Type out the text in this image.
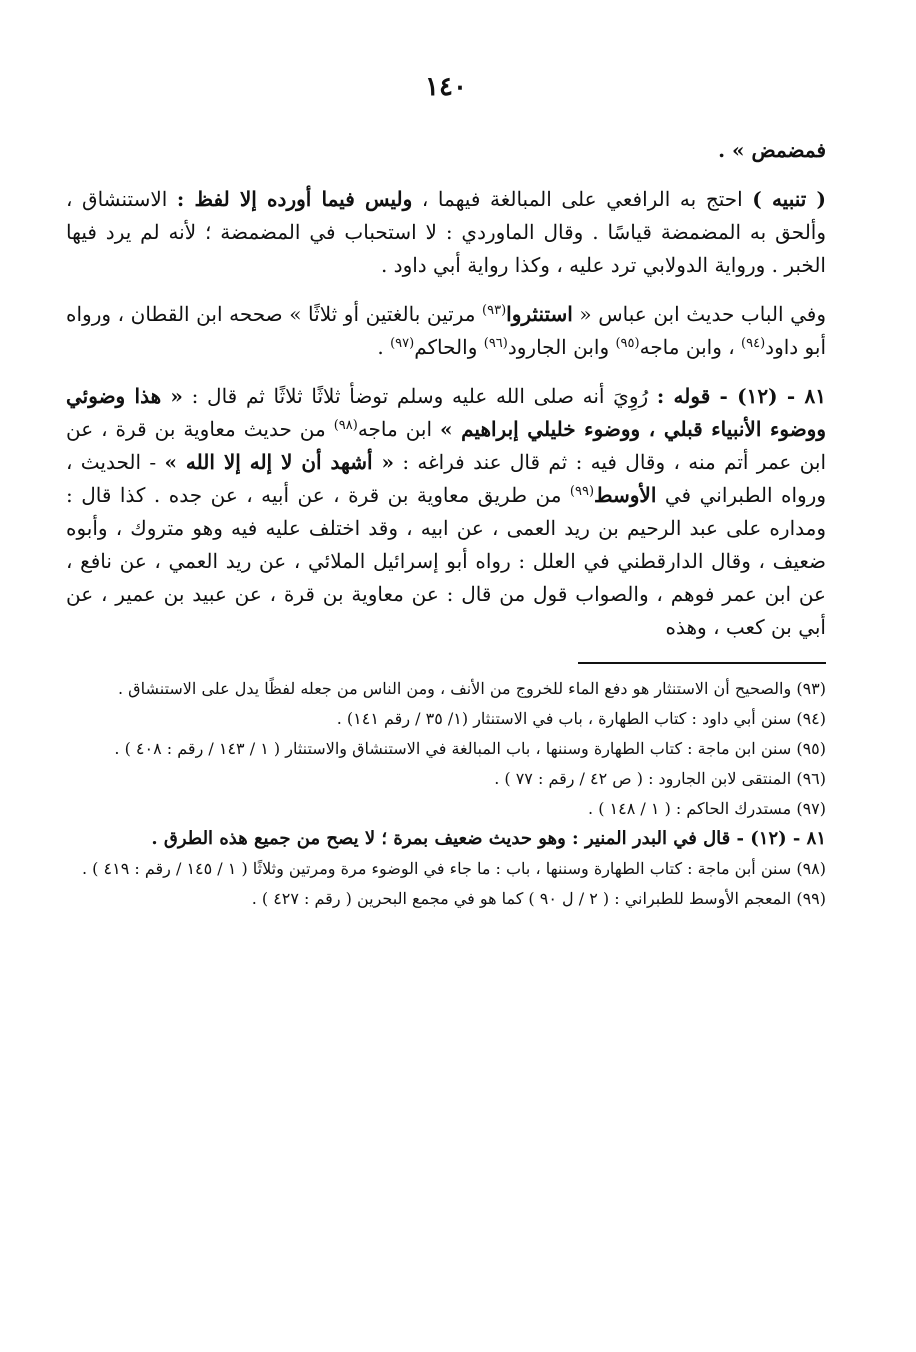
١٤٠

فمضمض » .

( تنبيه ) احتج به الرافعي على المبالغة فيهما ، وليس فيما أورده إلا لفظ : الاستنشاق ، وألحق به المضمضة قياسًا . وقال الماوردي : لا استحباب في المضمضة ؛ لأنه لم يرد فيها الخبر . ورواية الدولابي ترد عليه ، وكذا رواية أبي داود .

وفي الباب حديث ابن عباس « استنثروا$^{(٩٣)}$ مرتين بالغتين أو ثلاثًا » صححه ابن القطان ، ورواه أبو داود$^{(٩٤)}$ ، وابن ماجه$^{(٩٥)}$ وابن الجارود$^{(٩٦)}$ والحاكم$^{(٩٧)}$ .

٨١ - (١٢) - قوله : رُوِيَ أنه صلى الله عليه وسلم توضأ ثلاثًا ثلاثًا ثم قال : « هذا وضوئي ووضوء الأنبياء قبلي ، ووضوء خليلي إبراهيم » ابن ماجه$^{(٩٨)}$ من حديث معاوية بن قرة ، عن ابن عمر أتم منه ، وقال فيه : ثم قال عند فراغه : « أشهد أن لا إله إلا الله » - الحديث ، ورواه الطبراني في الأوسط$^{(٩٩)}$ من طريق معاوية بن قرة ، عن أبيه ، عن جده . كذا قال : ومداره على عبد الرحيم بن ريد العمى ، عن ابيه ، وقد اختلف عليه فيه وهو متروك ، وأبوه ضعيف ، وقال الدارقطني في العلل : رواه أبو إسرائيل الملائي ، عن ريد العمي ، عن نافع ، عن ابن عمر فوهم ، والصواب قول من قال : عن معاوية بن قرة ، عن عبيد بن عمير ، عن أبي بن كعب ، وهذه

(٩٣) والصحيح أن الاستنثار هو دفع الماء للخروج من الأنف ، ومن الناس من جعله لفظًا يدل على الاستنشاق .

(٩٤) سنن أبي داود : كتاب الطهارة ، باب في الاستنثار (١/ ٣٥ / رقم ١٤١) .

(٩٥) سنن ابن ماجة : كتاب الطهارة وسننها ، باب المبالغة في الاستنشاق والاستنثار ( ١ / ١٤٣ / رقم : ٤٠٨ ) .

(٩٦) المنتقى لابن الجارود : ( ص ٤٢ / رقم : ٧٧ ) .

(٩٧) مستدرك الحاكم : ( ١ / ١٤٨ ) .

٨١ - (١٢) - قال في البدر المنير : وهو حديث ضعيف بمرة ؛ لا يصح من جميع هذه الطرق .

(٩٨) سنن أبن ماجة : كتاب الطهارة وسننها ، باب : ما جاء في الوضوء مرة ومرتين وثلاثًا ( ١ / ١٤٥ / رقم : ٤١٩ ) .

(٩٩) المعجم الأوسط للطبراني : ( ٢ / ل ٩٠ ) كما هو في مجمع البحرين ( رقم : ٤٢٧ ) .
